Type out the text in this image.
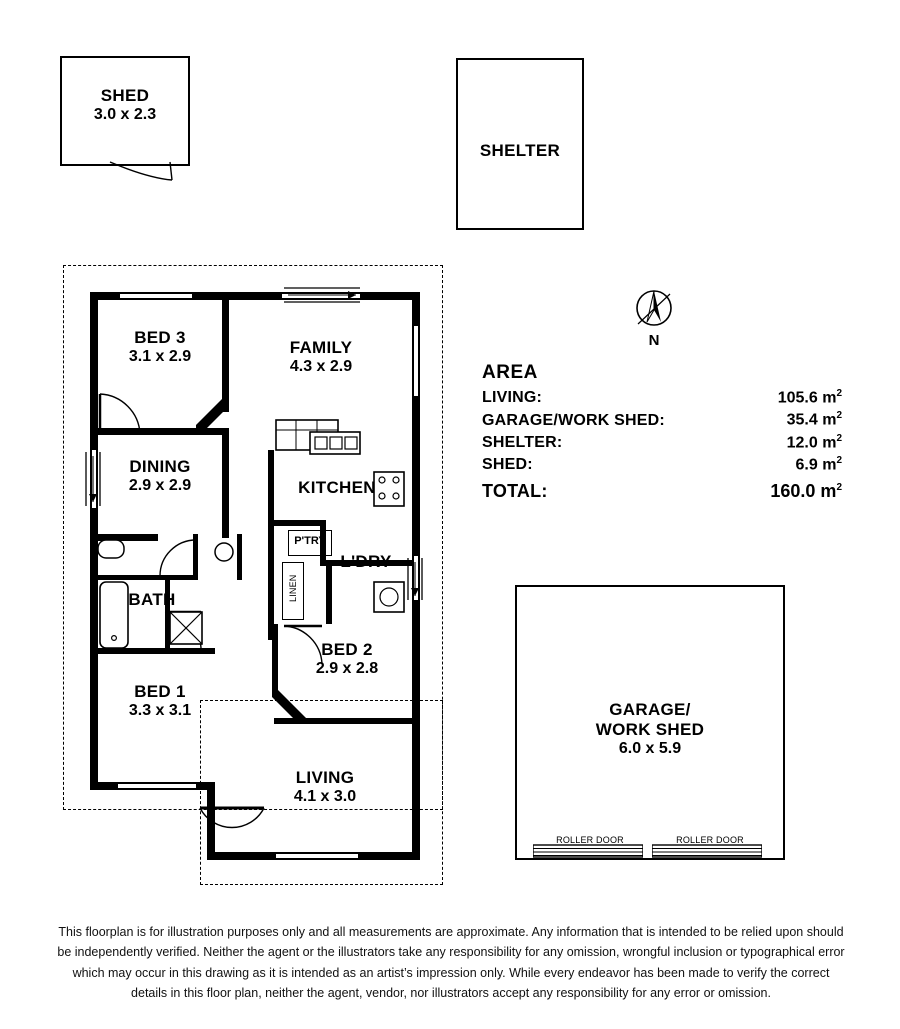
SHED
3.0 x 2.3
SHELTER
N
AREA
LIVING:	105.6 $m^2$
GARAGE/WORK SHED:	35.4 $m^2$
SHELTER:	12.0 $m^2$
SHED:	6.9 $m^2$
TOTAL:	160.0 $m^2$
GARAGE/
WORK SHED
6.0 x 5.9
ROLLER DOOR	ROLLER DOOR
P'TRY
LINEN
BED 3
3.1 x 2.9	FAMILY
4.3 x 2.9
DINING
2.9 x 2.9	KITCHEN
L'DRY
BATH
BED 2
2.9 x 2.8
BED 1
3.3 x 3.1
LIVING
4.1 x 3.0
This floorplan is for illustration purposes only and all measurements are approximate. Any information that is intended to be relied upon should be independently verified. Neither the agent or the illustrators take any responsibility for any omission, wrongful inclusion or typographical error which may occur in this drawing as it is intended as an artist’s impression only. While every endeavor has been made to verify the correct details in this floor plan, neither the agent, vendor, nor illustrators accept any responsibility for any error or omission.
